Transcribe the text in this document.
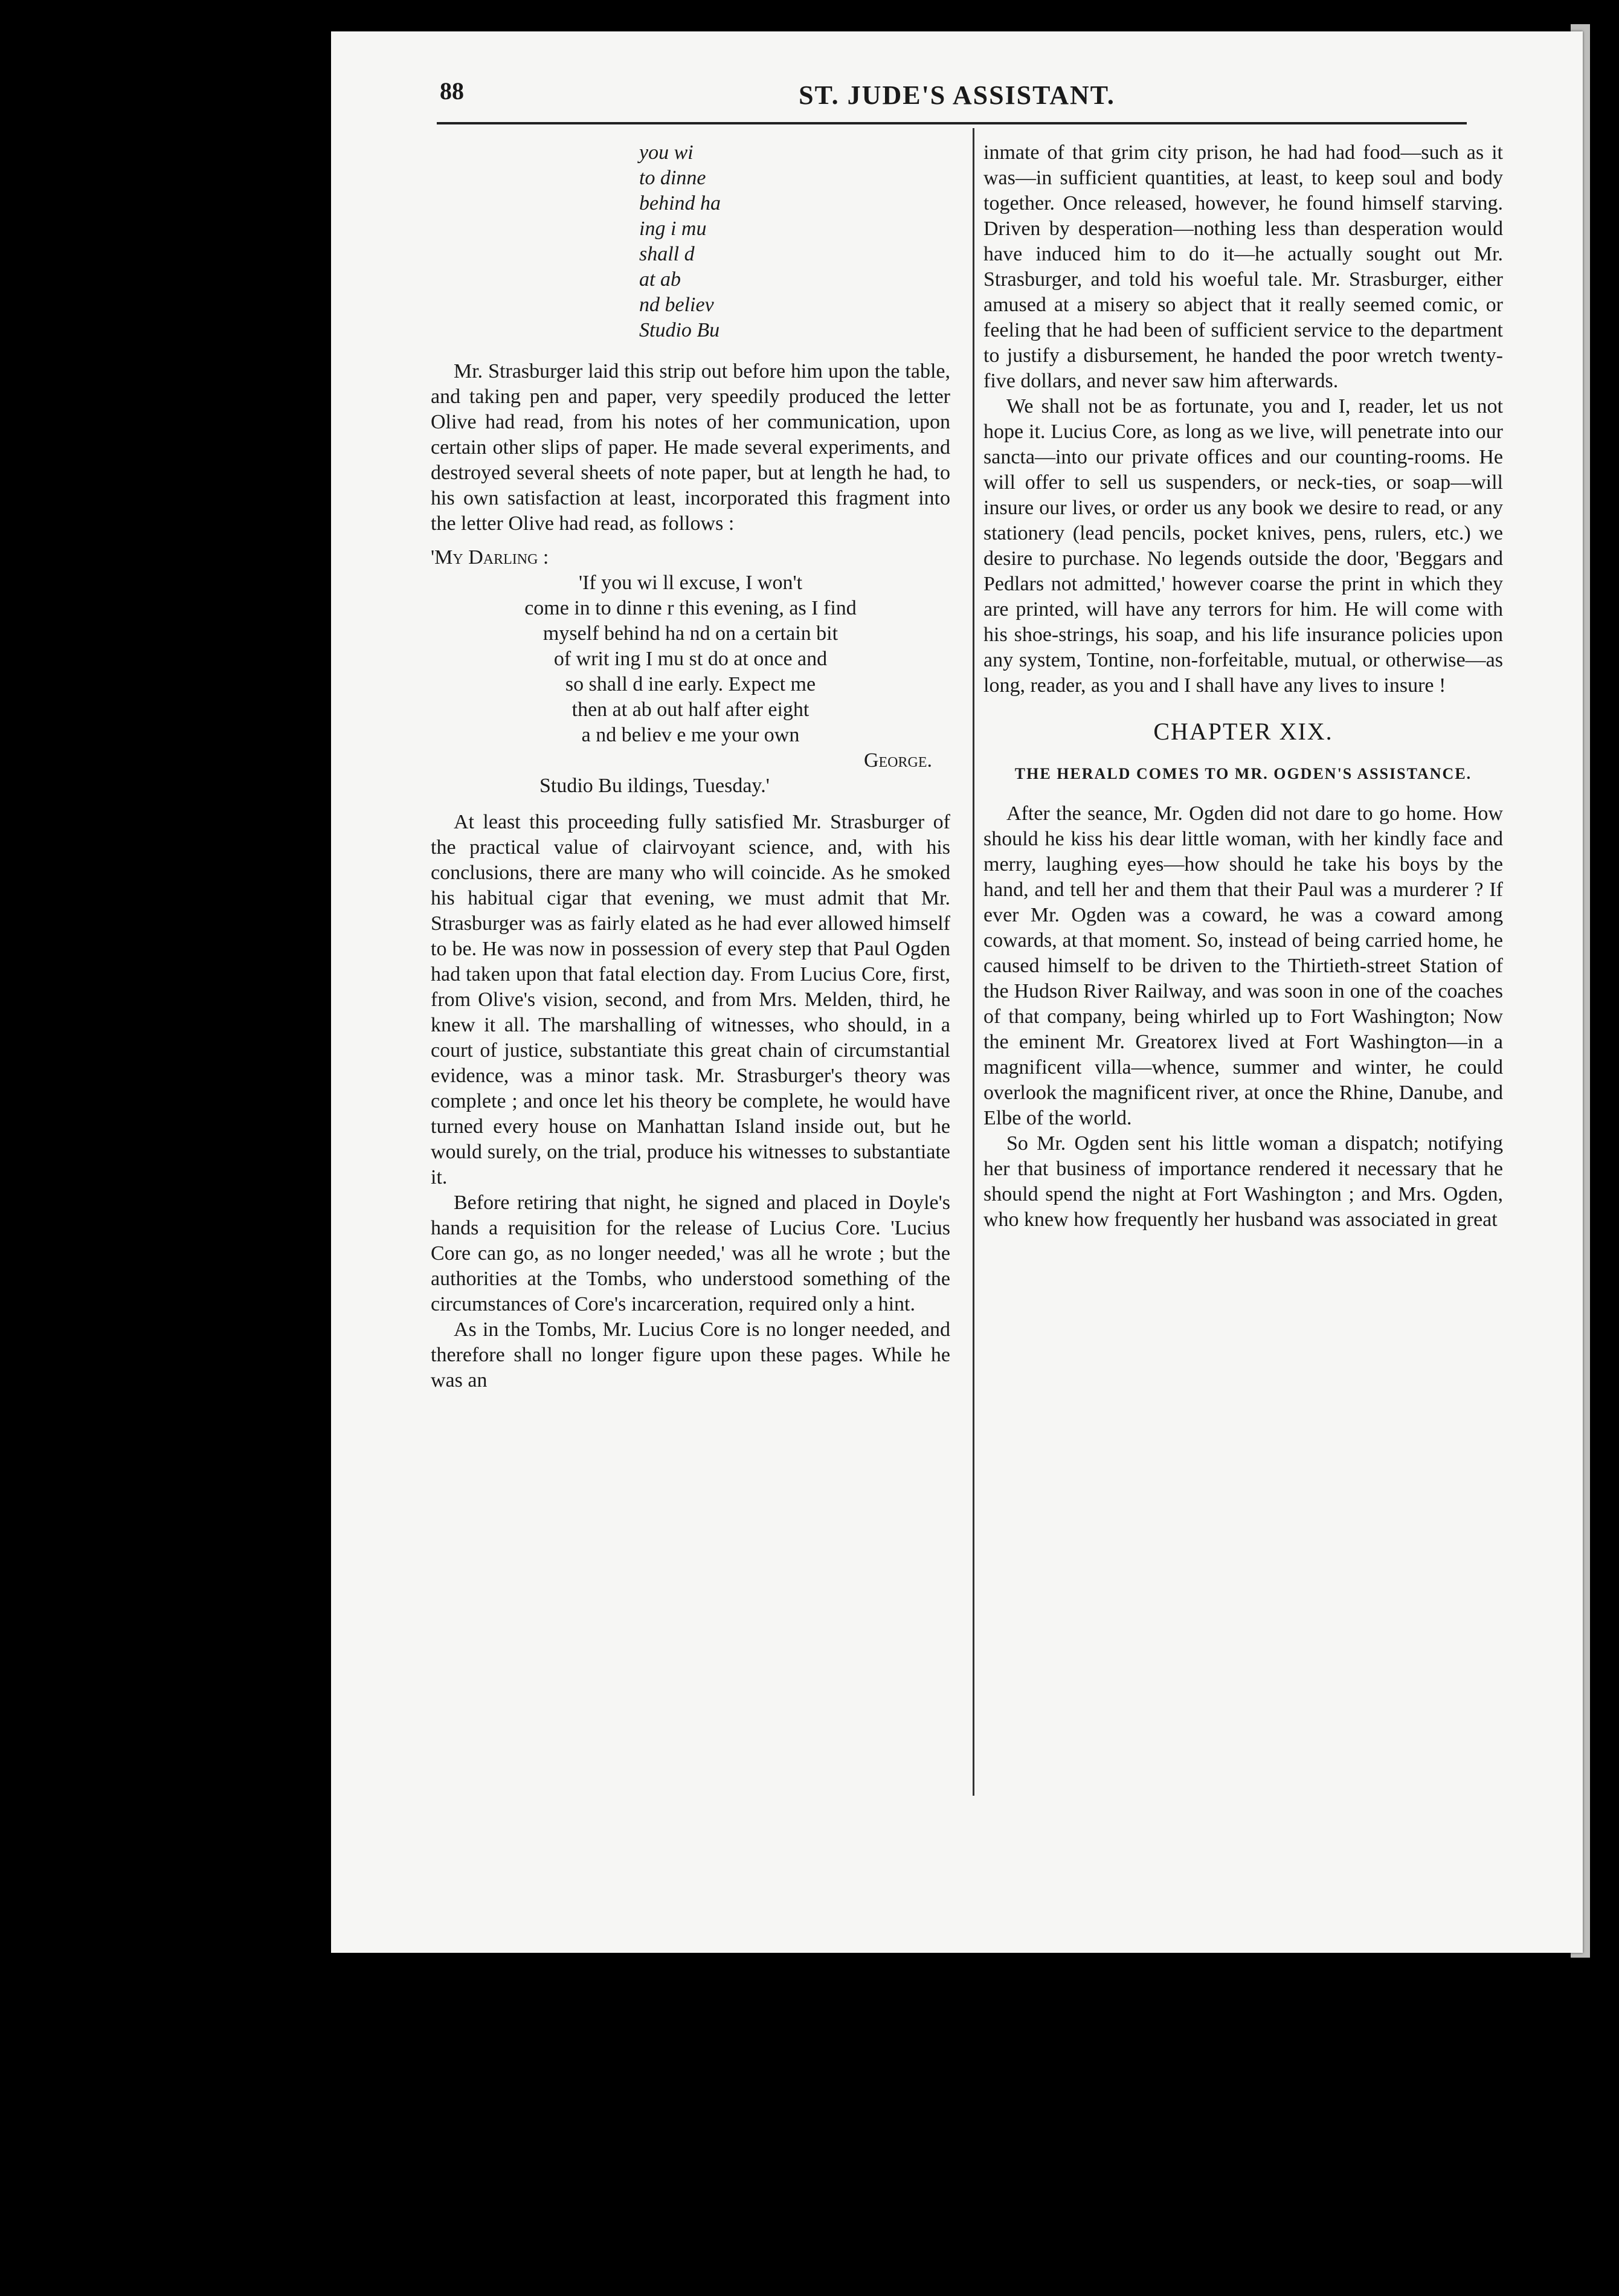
88	ST. JUDE'S ASSISTANT.
you wi
to dinne
behind ha
ing i mu
shall d
at ab
nd believ
Studio Bu

Mr. Strasburger laid this strip out before him upon the table, and taking pen and paper, very speedily produced the letter Olive had read, from his notes of her communication, upon certain other slips of paper. He made several experiments, and destroyed several sheets of note paper, but at length he had, to his own satisfaction at least, incorporated this fragment into the letter Olive had read, as follows :

'My Darling :

'If you wi ll excuse, I won't
come in to dinne r this evening, as I find
myself behind ha nd on a certain bit
of writ ing I mu st do at once and
so shall d ine early. Expect me
then at ab out half after eight
a nd believ e me your own
George.
Studio Bu ildings, Tuesday.'

At least this proceeding fully satisfied Mr. Strasburger of the practical value of clairvoyant science, and, with his conclusions, there are many who will coincide. As he smoked his habitual cigar that evening, we must admit that Mr. Strasburger was as fairly elated as he had ever allowed himself to be. He was now in possession of every step that Paul Ogden had taken upon that fatal election day. From Lucius Core, first, from Olive's vision, second, and from Mrs. Melden, third, he knew it all. The marshalling of witnesses, who should, in a court of justice, substantiate this great chain of circumstantial evidence, was a minor task. Mr. Strasburger's theory was complete ; and once let his theory be complete, he would have turned every house on Manhattan Island inside out, but he would surely, on the trial, produce his witnesses to substantiate it.

Before retiring that night, he signed and placed in Doyle's hands a requisition for the release of Lucius Core. 'Lucius Core can go, as no longer needed,' was all he wrote ; but the authorities at the Tombs, who understood something of the circumstances of Core's incarceration, required only a hint.

As in the Tombs, Mr. Lucius Core is no longer needed, and therefore shall no longer figure upon these pages. While he was an

inmate of that grim city prison, he had had food—such as it was—in sufficient quantities, at least, to keep soul and body together. Once released, however, he found himself starving. Driven by desperation—nothing less than desperation would have induced him to do it—he actually sought out Mr. Strasburger, and told his woeful tale. Mr. Strasburger, either amused at a misery so abject that it really seemed comic, or feeling that he had been of sufficient service to the department to justify a disbursement, he handed the poor wretch twenty-five dollars, and never saw him afterwards.

We shall not be as fortunate, you and I, reader, let us not hope it. Lucius Core, as long as we live, will penetrate into our sancta—into our private offices and our counting-rooms. He will offer to sell us suspenders, or neck-ties, or soap—will insure our lives, or order us any book we desire to read, or any stationery (lead pencils, pocket knives, pens, rulers, etc.) we desire to purchase. No legends outside the door, 'Beggars and Pedlars not admitted,' however coarse the print in which they are printed, will have any terrors for him. He will come with his shoe-strings, his soap, and his life insurance policies upon any system, Tontine, non-forfeitable, mutual, or otherwise—as long, reader, as you and I shall have any lives to insure !

CHAPTER XIX.
THE HERALD COMES TO MR. OGDEN'S ASSISTANCE.

After the seance, Mr. Ogden did not dare to go home. How should he kiss his dear little woman, with her kindly face and merry, laughing eyes—how should he take his boys by the hand, and tell her and them that their Paul was a murderer ? If ever Mr. Ogden was a coward, he was a coward among cowards, at that moment. So, instead of being carried home, he caused himself to be driven to the Thirtieth-street Station of the Hudson River Railway, and was soon in one of the coaches of that company, being whirled up to Fort Washington; Now the eminent Mr. Greatorex lived at Fort Washington—in a magnificent villa—whence, summer and winter, he could overlook the magnificent river, at once the Rhine, Danube, and Elbe of the world.

So Mr. Ogden sent his little woman a dispatch; notifying her that business of importance rendered it necessary that he should spend the night at Fort Washington ; and Mrs. Ogden, who knew how frequently her husband was associated in great
